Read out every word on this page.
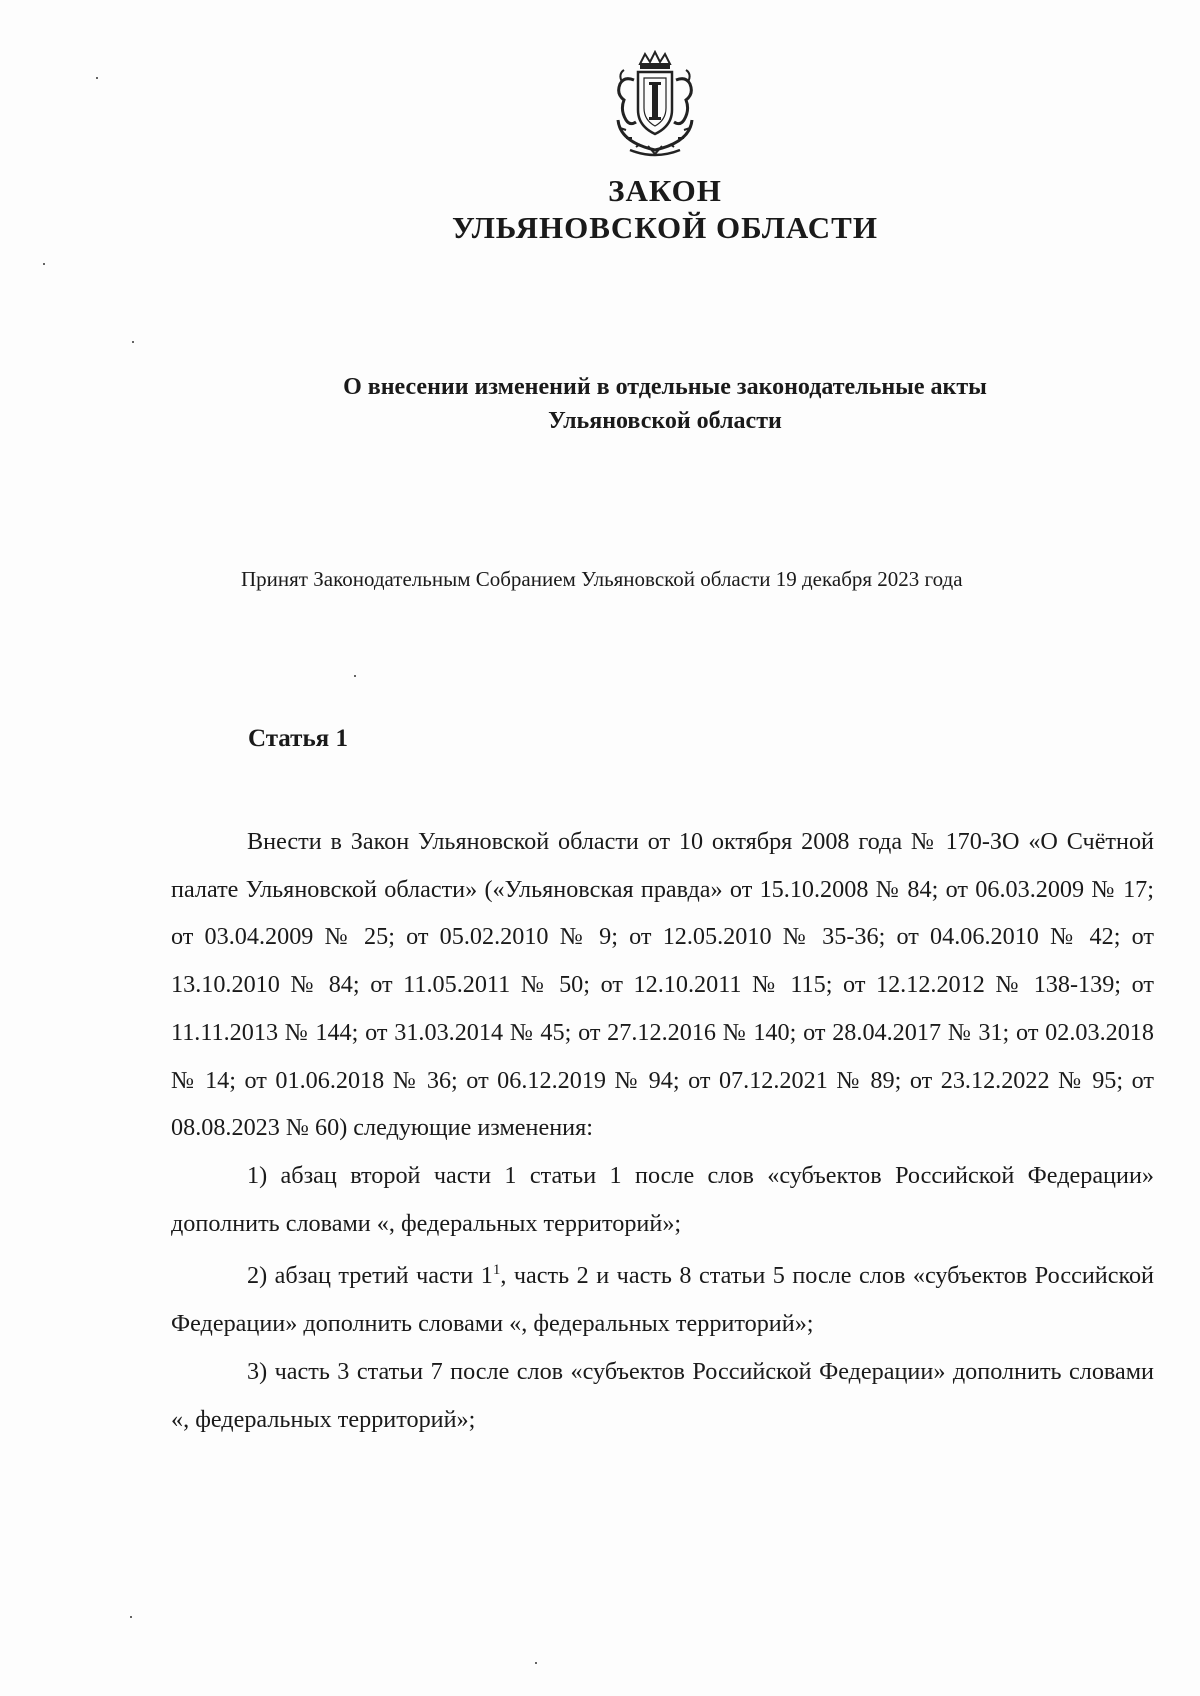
ЗАКОН
УЛЬЯНОВСКОЙ ОБЛАСТИ
О внесении изменений в отдельные законодательные акты
Ульяновской области
Принят Законодательным Собранием Ульяновской области 19 декабря 2023 года
Статья 1

Внести в Закон Ульяновской области от 10 октября 2008 года № 170-ЗО «О Счётной палате Ульяновской области» («Ульяновская правда» от 15.10.2008 № 84; от 06.03.2009 № 17; от 03.04.2009 № 25; от 05.02.2010 № 9; от 12.05.2010 № 35-36; от 04.06.2010 № 42; от 13.10.2010 № 84; от 11.05.2011 № 50; от 12.10.2011 № 115; от 12.12.2012 № 138-139; от 11.11.2013 № 144; от 31.03.2014 № 45; от 27.12.2016 № 140; от 28.04.2017 № 31; от 02.03.2018 № 14; от 01.06.2018 № 36; от 06.12.2019 № 94; от 07.12.2021 № 89; от 23.12.2022 № 95; от 08.08.2023 № 60) следующие изменения:

1) абзац второй части 1 статьи 1 после слов «субъектов Российской Федерации» дополнить словами «, федеральных территорий»;

2) абзац третий части $1^1$, часть 2 и часть 8 статьи 5 после слов «субъектов Российской Федерации» дополнить словами «, федеральных территорий»;

3) часть 3 статьи 7 после слов «субъектов Российской Федерации» дополнить словами «, федеральных территорий»;
